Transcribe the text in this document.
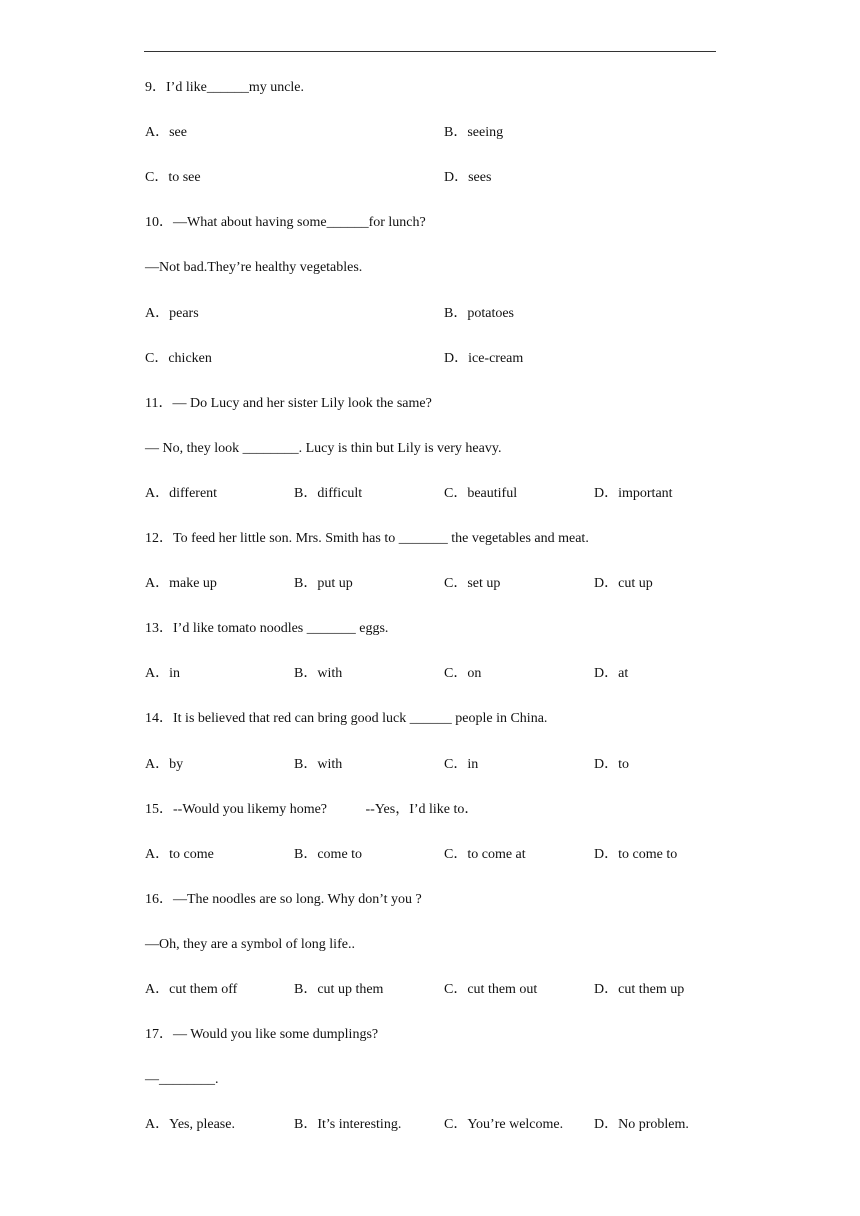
9．I’d like______my uncle.
A．see	B．seeing
C．to see	D．sees
10．—What about having some______for lunch?
—Not bad.They’re healthy vegetables.
A．pears	B．potatoes
C．chicken	D．ice-cream
11．— Do Lucy and her sister Lily look the same?
— No, they look ________. Lucy is thin but Lily is very heavy.
A．different	B．difficult	C．beautiful	D．important
12．To feed her little son. Mrs. Smith has to _______ the vegetables and meat.
A．make up	B．put up	C．set up	D．cut up
13．I’d like tomato noodles _______ eggs.
A．in	B．with	C．on	D．at
14．It is believed that red can bring good luck ______ people in China.
A．by	B．with	C．in	D．to
15．--Would you likemy home?           --Yes，I’d like to．
A．to come	B．come to	C．to come at	D．to come to
16．—The noodles are so long. Why don’t you ?
—Oh, they are a symbol of long life..
A．cut them off	B．cut up them	C．cut them out	D．cut them up
17．— Would you like some dumplings?
—________.
A．Yes, please.	B．It’s interesting.	C．You’re welcome. D．No problem.
